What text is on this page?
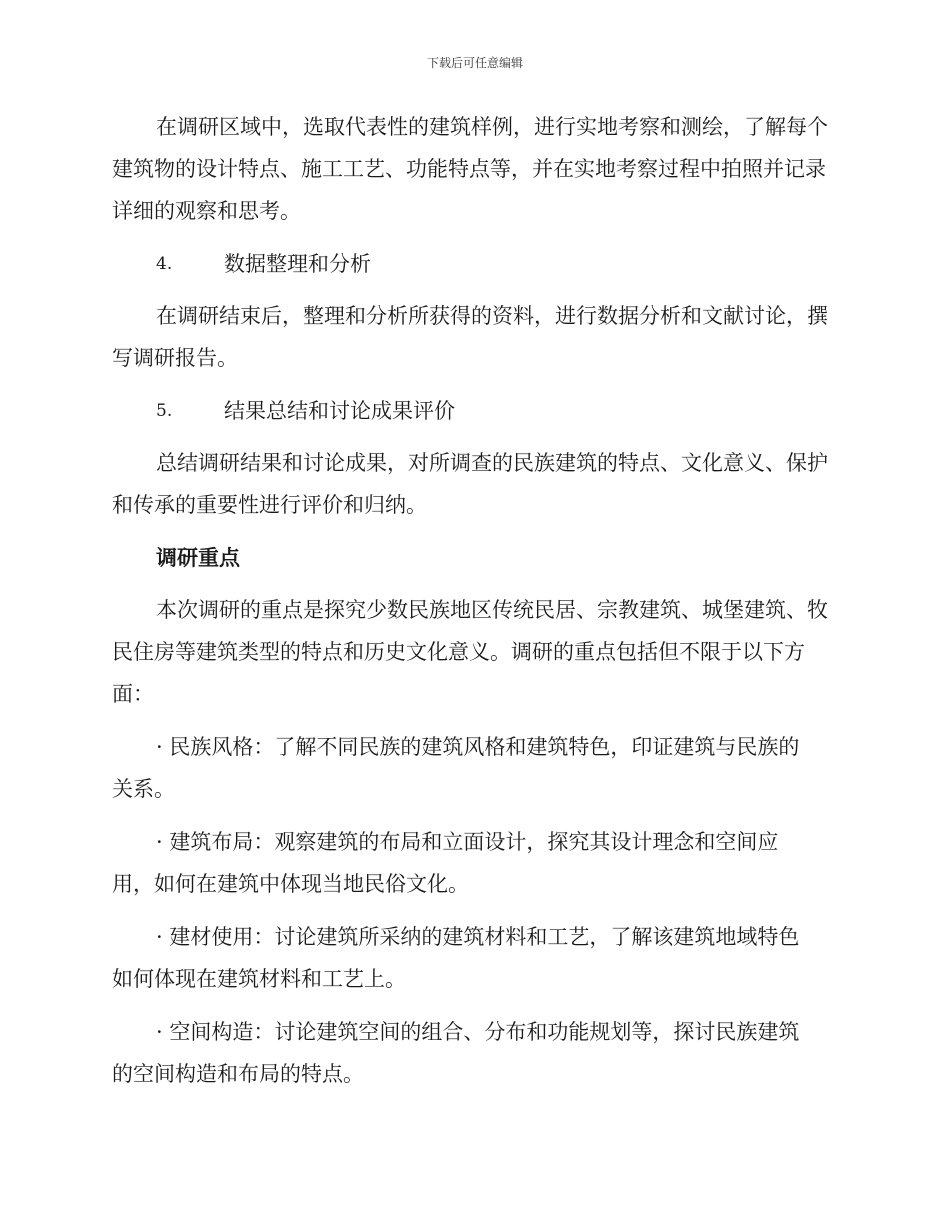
下载后可任意编辑

在调研区域中，选取代表性的建筑样例，进行实地考察和测绘，了解每个建筑物的设计特点、施工工艺、功能特点等，并在实地考察过程中拍照并记录详细的观察和思考。

4. 数据整理和分析

在调研结束后，整理和分析所获得的资料，进行数据分析和文献讨论，撰写调研报告。

5. 结果总结和讨论成果评价

总结调研结果和讨论成果，对所调查的民族建筑的特点、文化意义、保护和传承的重要性进行评价和归纳。

调研重点

本次调研的重点是探究少数民族地区传统民居、宗教建筑、城堡建筑、牧民住房等建筑类型的特点和历史文化意义。调研的重点包括但不限于以下方面：

· 民族风格：了解不同民族的建筑风格和建筑特色，印证建筑与民族的
关系。

· 建筑布局：观察建筑的布局和立面设计，探究其设计理念和空间应
用，如何在建筑中体现当地民俗文化。

· 建材使用：讨论建筑所采纳的建筑材料和工艺，了解该建筑地域特色
如何体现在建筑材料和工艺上。

· 空间构造：讨论建筑空间的组合、分布和功能规划等，探讨民族建筑
的空间构造和布局的特点。
